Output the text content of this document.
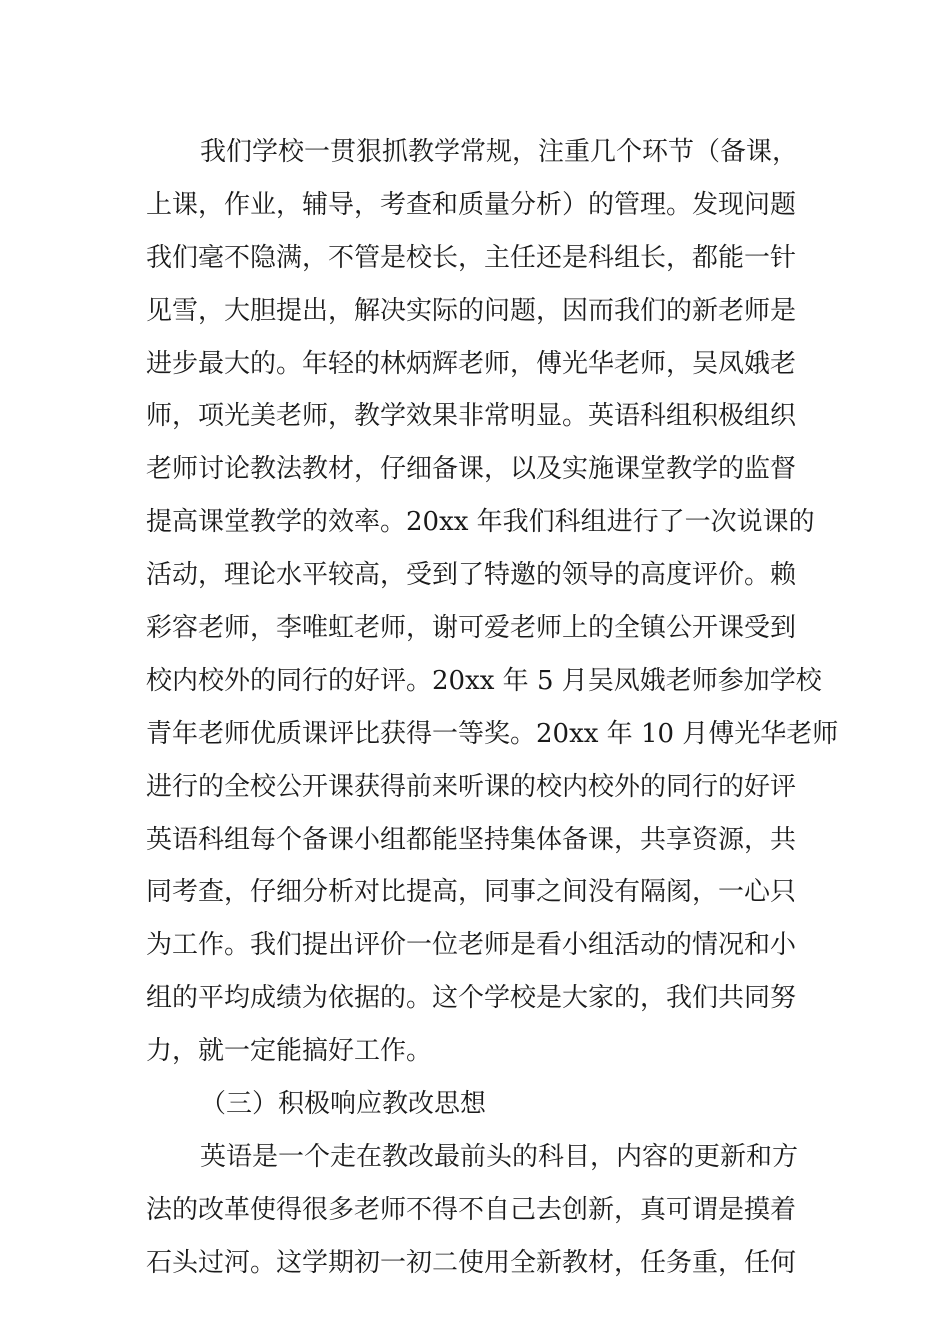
我们学校一贯狠抓教学常规，注重几个环节（备课，
上课，作业，辅导，考查和质量分析）的管理。发现问题
我们毫不隐满，不管是校长，主任还是科组长，都能一针
见雪，大胆提出，解决实际的问题，因而我们的新老师是
进步最大的。年轻的林炳辉老师，傅光华老师，吴凤娥老
师，项光美老师，教学效果非常明显。英语科组积极组织
老师讨论教法教材，仔细备课，以及实施课堂教学的监督
提高课堂教学的效率。20xx 年我们科组进行了一次说课的
活动，理论水平较高，受到了特邀的领导的高度评价。赖
彩容老师，李唯虹老师，谢可爱老师上的全镇公开课受到
校内校外的同行的好评。20xx 年 5 月吴凤娥老师参加学校
青年老师优质课评比获得一等奖。20xx 年 10 月傅光华老师
进行的全校公开课获得前来听课的校内校外的同行的好评
英语科组每个备课小组都能坚持集体备课，共享资源，共
同考查，仔细分析对比提高，同事之间没有隔阂，一心只
为工作。我们提出评价一位老师是看小组活动的情况和小
组的平均成绩为依据的。这个学校是大家的，我们共同努
力，就一定能搞好工作。
（三）积极响应教改思想
英语是一个走在教改最前头的科目，内容的更新和方
法的改革使得很多老师不得不自己去创新，真可谓是摸着
石头过河。这学期初一初二使用全新教材，任务重，任何
